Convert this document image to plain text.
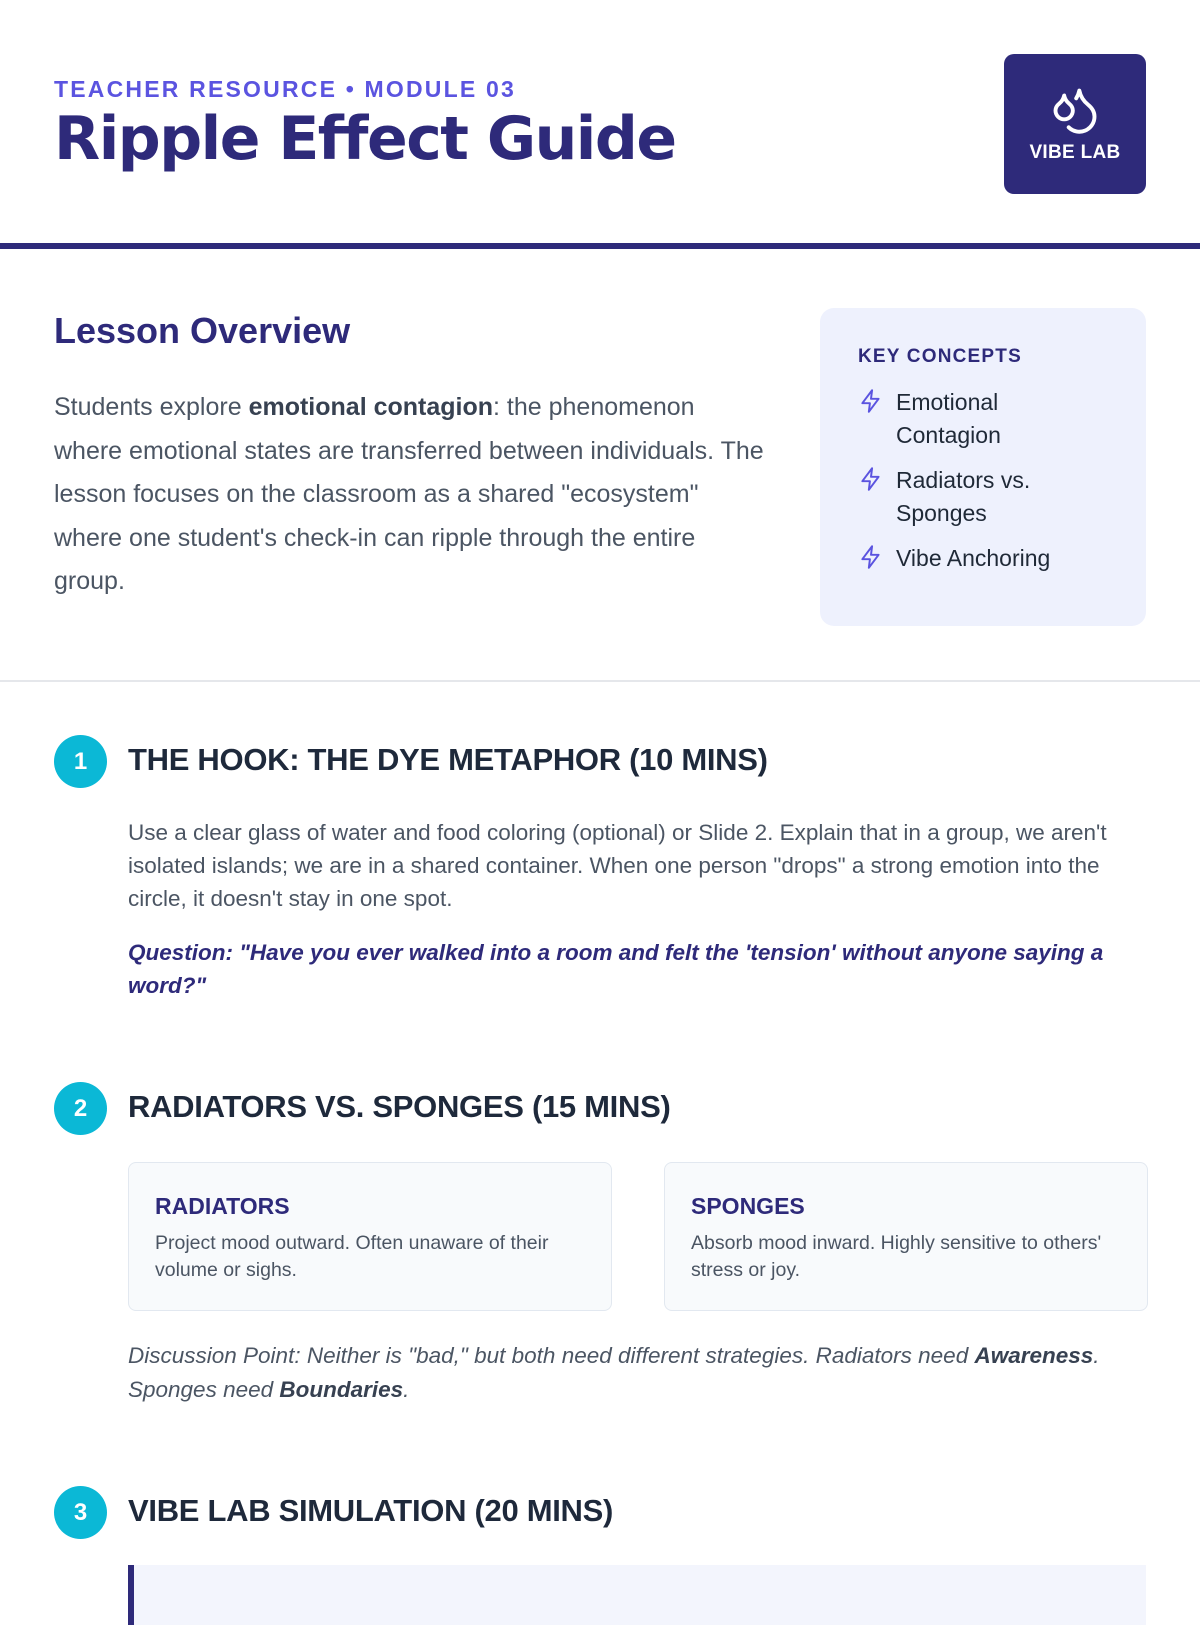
TEACHER RESOURCE • MODULE 03

Ripple Effect Guide	VIBE LAB
Lesson Overview

Students explore emotional contagion: the phenomenon where emotional states are transferred between individuals. The lesson focuses on the classroom as a shared "ecosystem" where one student's check-in can ripple through the entire group.

KEY CONCEPTS

Emotional Contagion
Radiators vs. Sponges
Vibe Anchoring
1	THE HOOK: THE DYE METAPHOR (10 MINS)

Use a clear glass of water and food coloring (optional) or Slide 2. Explain that in a group, we aren't isolated islands; we are in a shared container. When one person "drops" a strong emotion into the circle, it doesn't stay in one spot.

Question: "Have you ever walked into a room and felt the 'tension' without anyone saying a word?"

2	RADIATORS VS. SPONGES (15 MINS)
RADIATORS

Project mood outward. Often unaware of their volume or sighs.

SPONGES

Absorb mood inward. Highly sensitive to others' stress or joy.

Discussion Point: Neither is "bad," but both need different strategies. Radiators need Awareness. Sponges need Boundaries.

3	VIBE LAB SIMULATION (20 MINS)
